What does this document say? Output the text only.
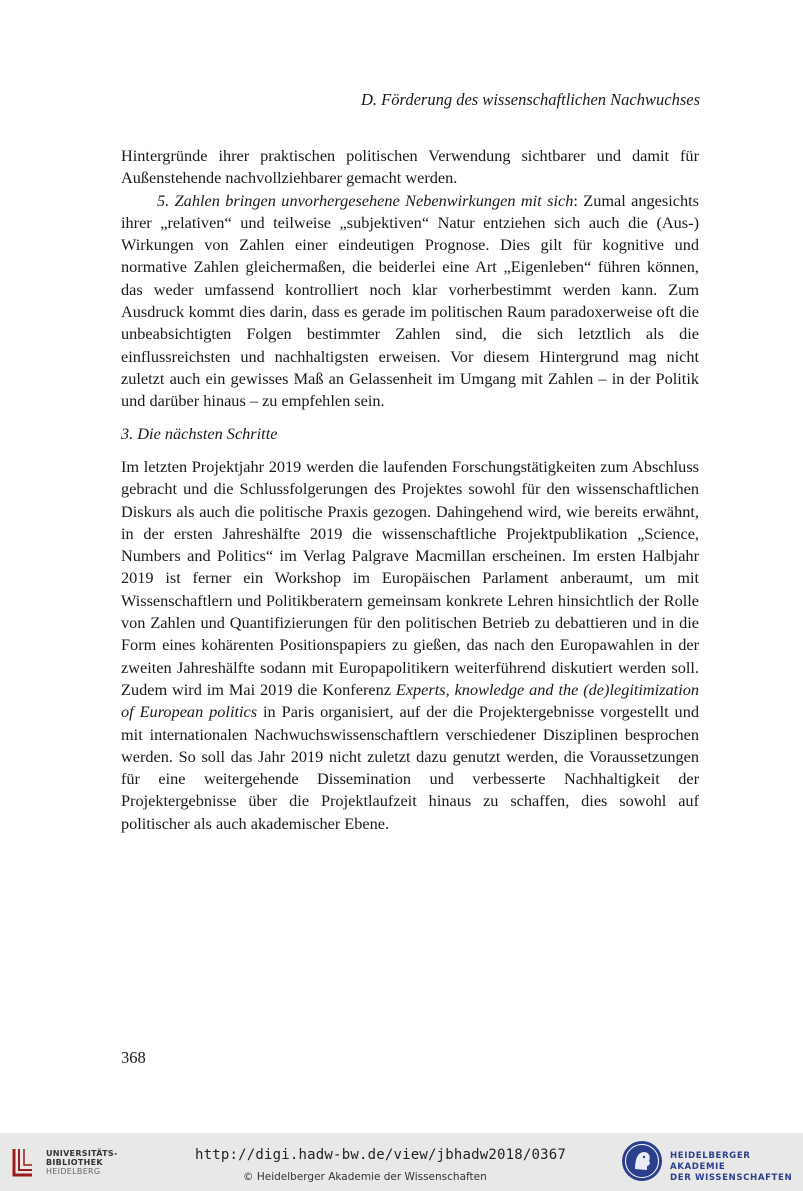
D. Förderung des wissenschaftlichen Nachwuchses

Hintergründe ihrer praktischen politischen Verwendung sichtbarer und damit für Außenstehende nachvollziehbarer gemacht werden.

5. Zahlen bringen unvorhergesehene Nebenwirkungen mit sich: Zumal angesichts ihrer „relativen“ und teilweise „subjektiven“ Natur entziehen sich auch die (Aus-) Wirkungen von Zahlen einer eindeutigen Prognose. Dies gilt für kognitive und normative Zahlen gleichermaßen, die beiderlei eine Art „Eigenleben“ führen können, das weder umfassend kontrolliert noch klar vorherbestimmt werden kann. Zum Ausdruck kommt dies darin, dass es gerade im politischen Raum paradoxerweise oft die unbeabsichtigten Folgen bestimmter Zahlen sind, die sich letztlich als die einflussreichsten und nachhaltigsten erweisen. Vor diesem Hintergrund mag nicht zuletzt auch ein gewisses Maß an Gelassenheit im Umgang mit Zahlen – in der Politik und darüber hinaus – zu empfehlen sein.

3. Die nächsten Schritte

Im letzten Projektjahr 2019 werden die laufenden Forschungstätigkeiten zum Abschluss gebracht und die Schlussfolgerungen des Projektes sowohl für den wissenschaftlichen Diskurs als auch die politische Praxis gezogen. Dahingehend wird, wie bereits erwähnt, in der ersten Jahreshälfte 2019 die wissenschaftliche Projektpublikation „Science, Numbers and Politics“ im Verlag Palgrave Macmillan erscheinen. Im ersten Halbjahr 2019 ist ferner ein Workshop im Europäischen Parlament anberaumt, um mit Wissenschaftlern und Politikberatern gemeinsam konkrete Lehren hinsichtlich der Rolle von Zahlen und Quantifizierungen für den politischen Betrieb zu debattieren und in die Form eines kohärenten Positionspapiers zu gießen, das nach den Europawahlen in der zweiten Jahreshälfte sodann mit Europapolitikern weiterführend diskutiert werden soll. Zudem wird im Mai 2019 die Konferenz Experts, knowledge and the (de)legitimization of European politics in Paris organisiert, auf der die Projektergebnisse vorgestellt und mit internationalen Nachwuchswissenschaftlern verschiedener Disziplinen besprochen werden. So soll das Jahr 2019 nicht zuletzt dazu genutzt werden, die Voraussetzungen für eine weitergehende Dissemination und verbesserte Nachhaltigkeit der Projektergebnisse über die Projektlaufzeit hinaus zu schaffen, dies sowohl auf politischer als auch akademischer Ebene.

368
UNIVERSITÄTS-
BIBLIOTHEK
HEIDELBERG
http://digi.hadw-bw.de/view/jbhadw2018/0367
© Heidelberger Akademie der Wissenschaften
HEIDELBERGER AKADEMIE
DER WISSENSCHAFTEN
